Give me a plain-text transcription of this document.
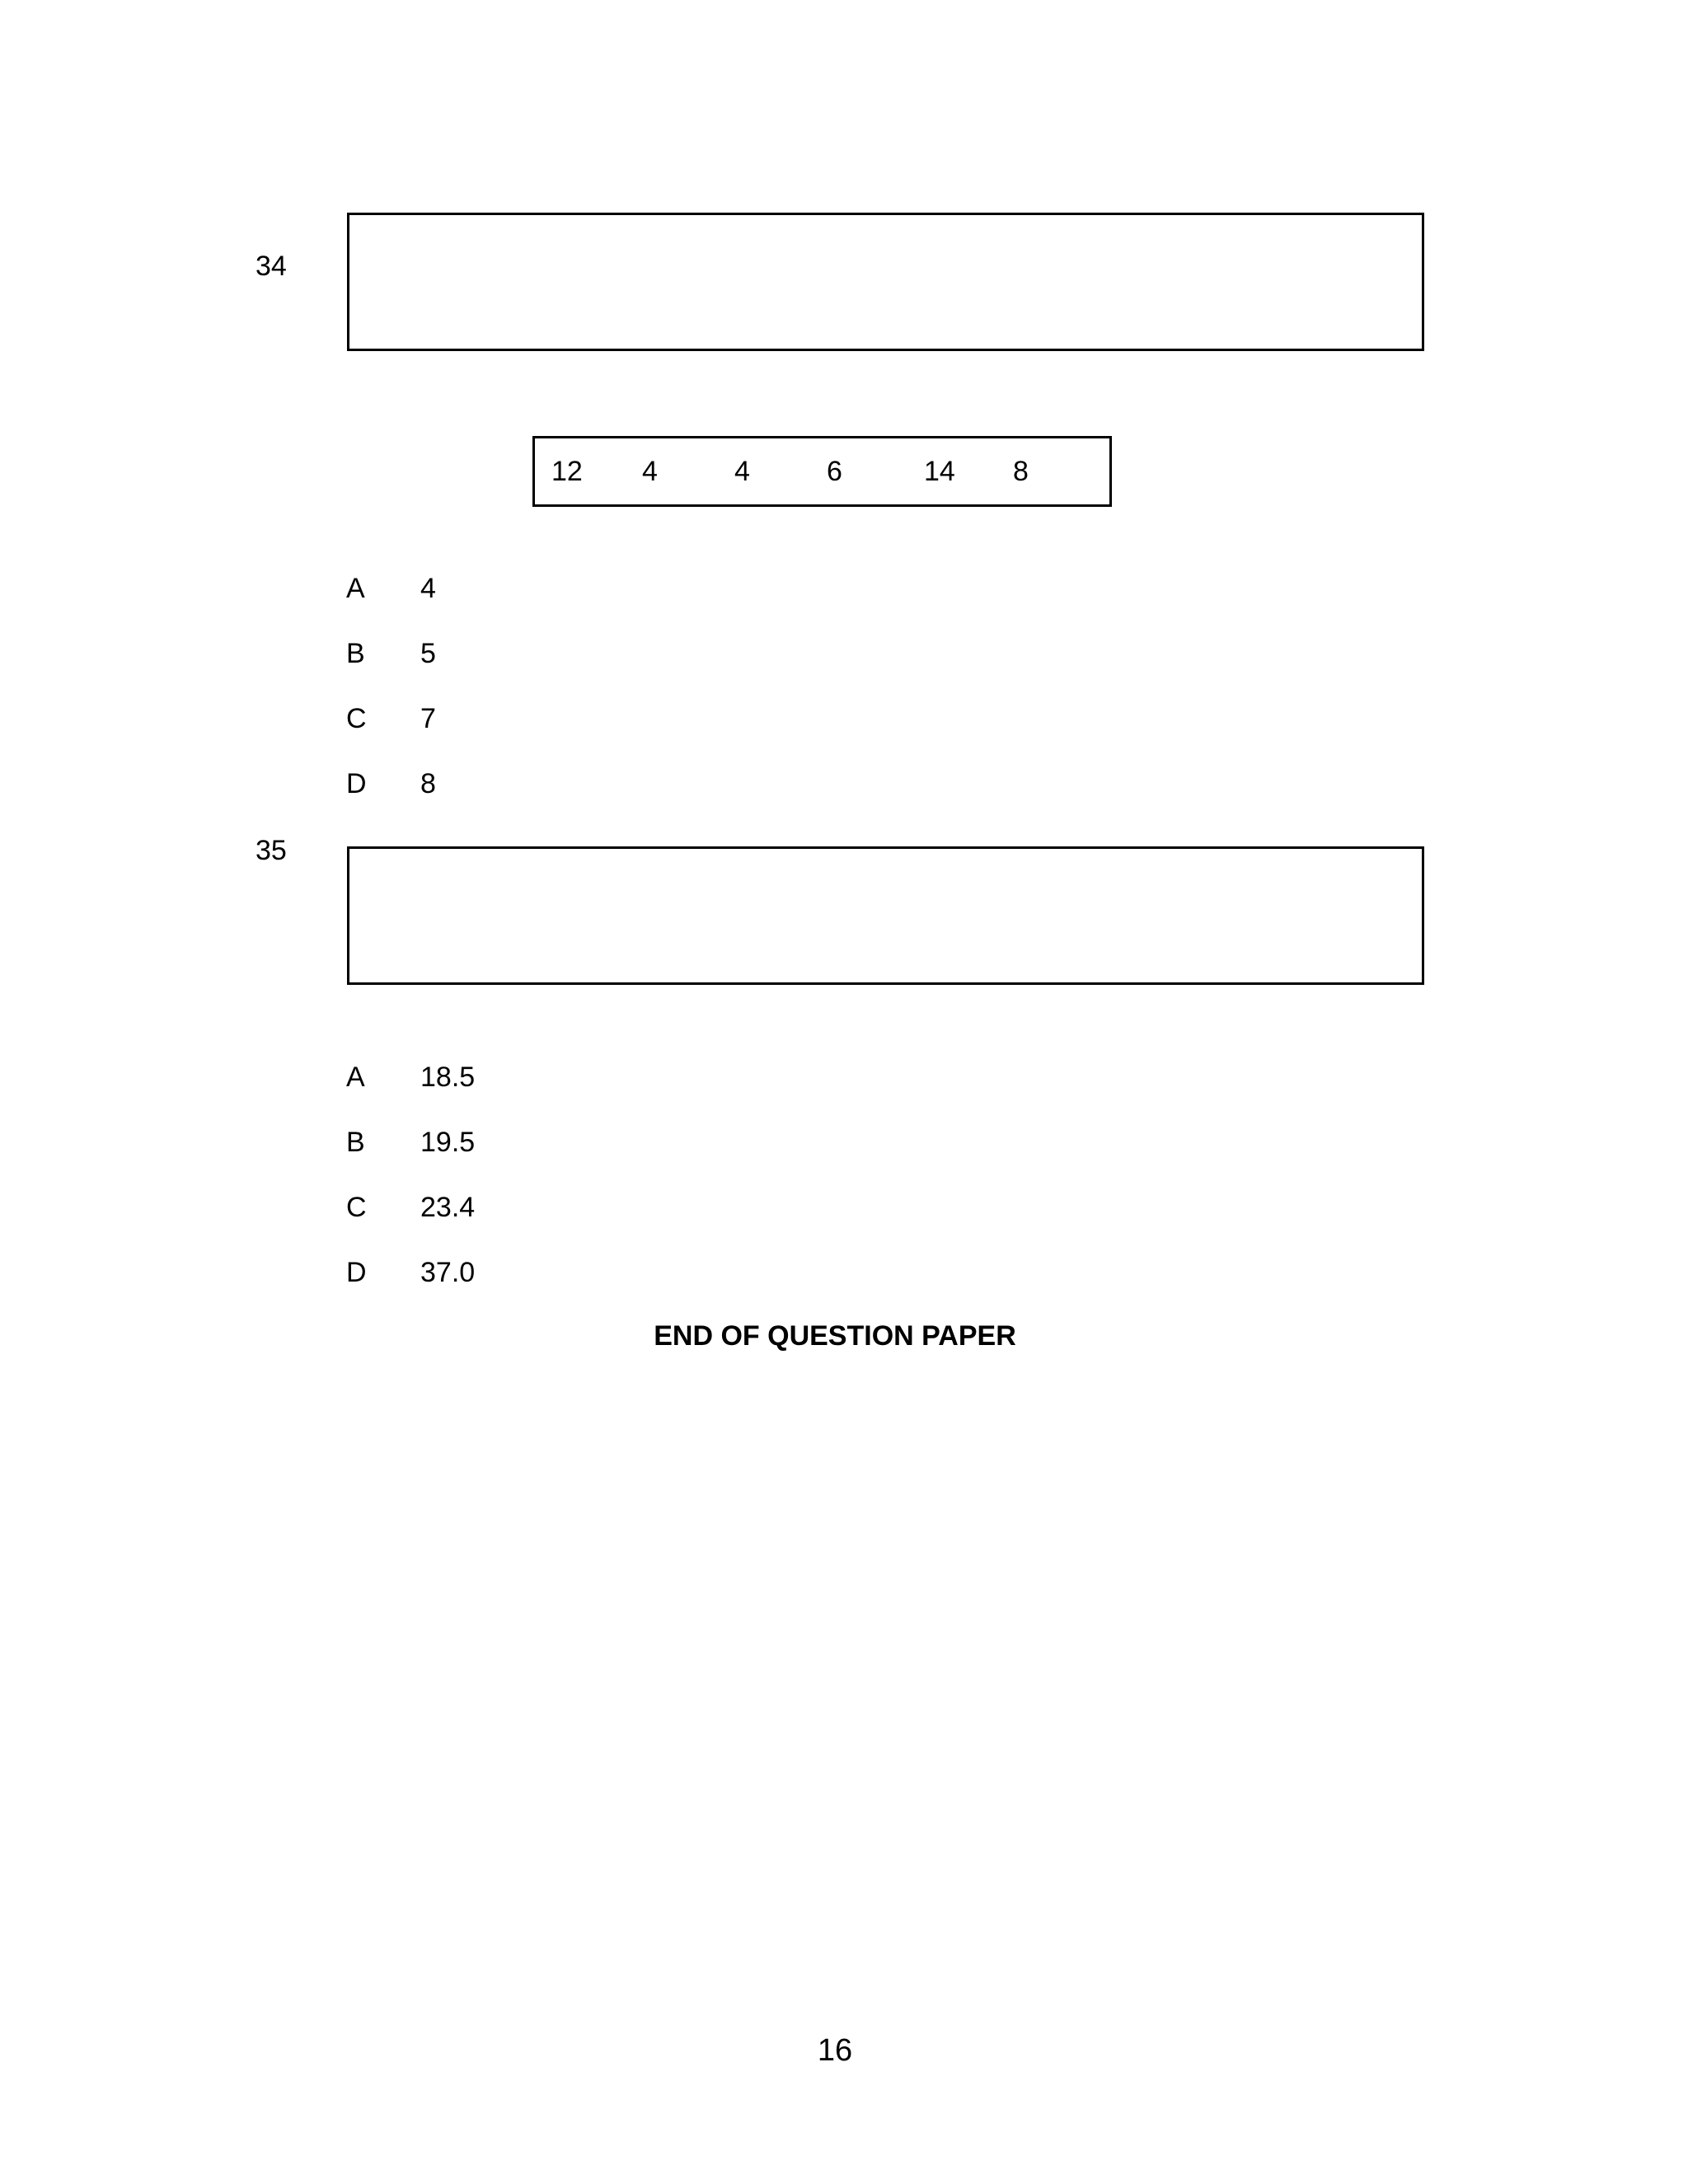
34
12 4	4	6	14 8
A 4
B 5
C 7
D 8
35
A 18.5
B 19.5
C 23.4
D 37.0
END OF QUESTION PAPER
16
